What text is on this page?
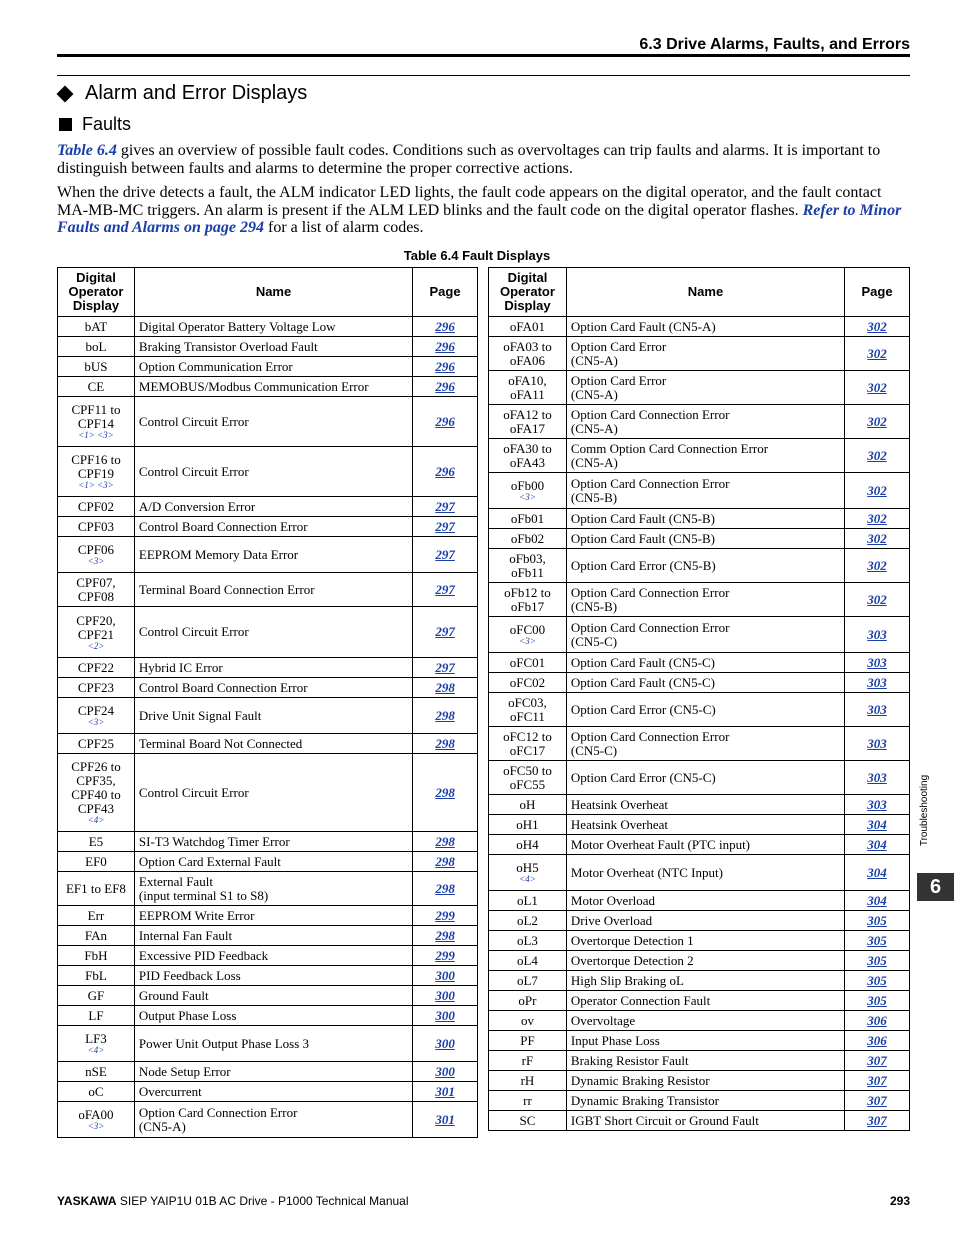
6.3 Drive Alarms, Faults, and Errors
Alarm and Error Displays
Faults
Table 6.4 gives an overview of possible fault codes. Conditions such as overvoltages can trip faults and alarms. It is important to distinguish between faults and alarms to determine the proper corrective actions.
When the drive detects a fault, the ALM indicator LED lights, the fault code appears on the digital operator, and the fault contact MA-MB-MC triggers. An alarm is present if the ALM LED blinks and the fault code on the digital operator flashes. Refer to Minor Faults and Alarms on page 294 for a list of alarm codes.
Table 6.4 Fault Displays
Digital Operator Display	Name	Page
bAT	Digital Operator Battery Voltage Low	296
boL	Braking Transistor Overload Fault	296
bUS	Option Communication Error	296
CE	MEMOBUS/Modbus Communication Error	296
CPF11 to
CPF14
<1> <3>	Control Circuit Error	296
CPF16 to
CPF19
<1> <3>	Control Circuit Error	296
CPF02	A/D Conversion Error	297
CPF03	Control Board Connection Error	297
CPF06
<3>	EEPROM Memory Data Error	297
CPF07,
CPF08	Terminal Board Connection Error	297
CPF20,
CPF21
<2>	Control Circuit Error	297
CPF22	Hybrid IC Error	297
CPF23	Control Board Connection Error	298
CPF24
<3>	Drive Unit Signal Fault	298
CPF25	Terminal Board Not Connected	298
CPF26 to
CPF35,
CPF40 to
CPF43
<4>	Control Circuit Error	298
E5	SI-T3 Watchdog Timer Error	298
EF0	Option Card External Fault	298
EF1 to EF8	External Fault
(input terminal S1 to S8)	298
Err	EEPROM Write Error	299
FAn	Internal Fan Fault	298
FbH	Excessive PID Feedback	299
FbL	PID Feedback Loss	300
GF	Ground Fault	300
LF	Output Phase Loss	300
LF3
<4>	Power Unit Output Phase Loss 3	300
nSE	Node Setup Error	300
oC	Overcurrent	301
oFA00
<3>	Option Card Connection Error
(CN5-A)	301
Digital Operator Display	Name	Page
oFA01	Option Card Fault (CN5-A)	302
oFA03 to
oFA06	Option Card Error
(CN5-A)	302
oFA10,
oFA11	Option Card Error
(CN5-A)	302
oFA12 to
oFA17	Option Card Connection Error
(CN5-A)	302
oFA30 to
oFA43	Comm Option Card Connection Error
(CN5-A)	302
oFb00
<3>	Option Card Connection Error
(CN5-B)	302
oFb01	Option Card Fault (CN5-B)	302
oFb02	Option Card Fault (CN5-B)	302
oFb03,
oFb11	Option Card Error (CN5-B)	302
oFb12 to
oFb17	Option Card Connection Error
(CN5-B)	302
oFC00
<3>	Option Card Connection Error
(CN5-C)	303
oFC01	Option Card Fault (CN5-C)	303
oFC02	Option Card Fault (CN5-C)	303
oFC03,
oFC11	Option Card Error (CN5-C)	303
oFC12 to
oFC17	Option Card Connection Error
(CN5-C)	303
oFC50 to
oFC55	Option Card Error (CN5-C)	303
oH	Heatsink Overheat	303
oH1	Heatsink Overheat	304
oH4	Motor Overheat Fault (PTC input)	304
oH5
<4>	Motor Overheat (NTC Input)	304
oL1	Motor Overload	304
oL2	Drive Overload	305
oL3	Overtorque Detection 1	305
oL4	Overtorque Detection 2	305
oL7	High Slip Braking oL	305
oPr	Operator Connection Fault	305
ov	Overvoltage	306
PF	Input Phase Loss	306
rF	Braking Resistor Fault	307
rH	Dynamic Braking Resistor	307
rr	Dynamic Braking Transistor	307
SC	IGBT Short Circuit or Ground Fault	307
Troubleshooting
6
YASKAWA SIEP YAIP1U 01B AC Drive - P1000 Technical Manual	293
